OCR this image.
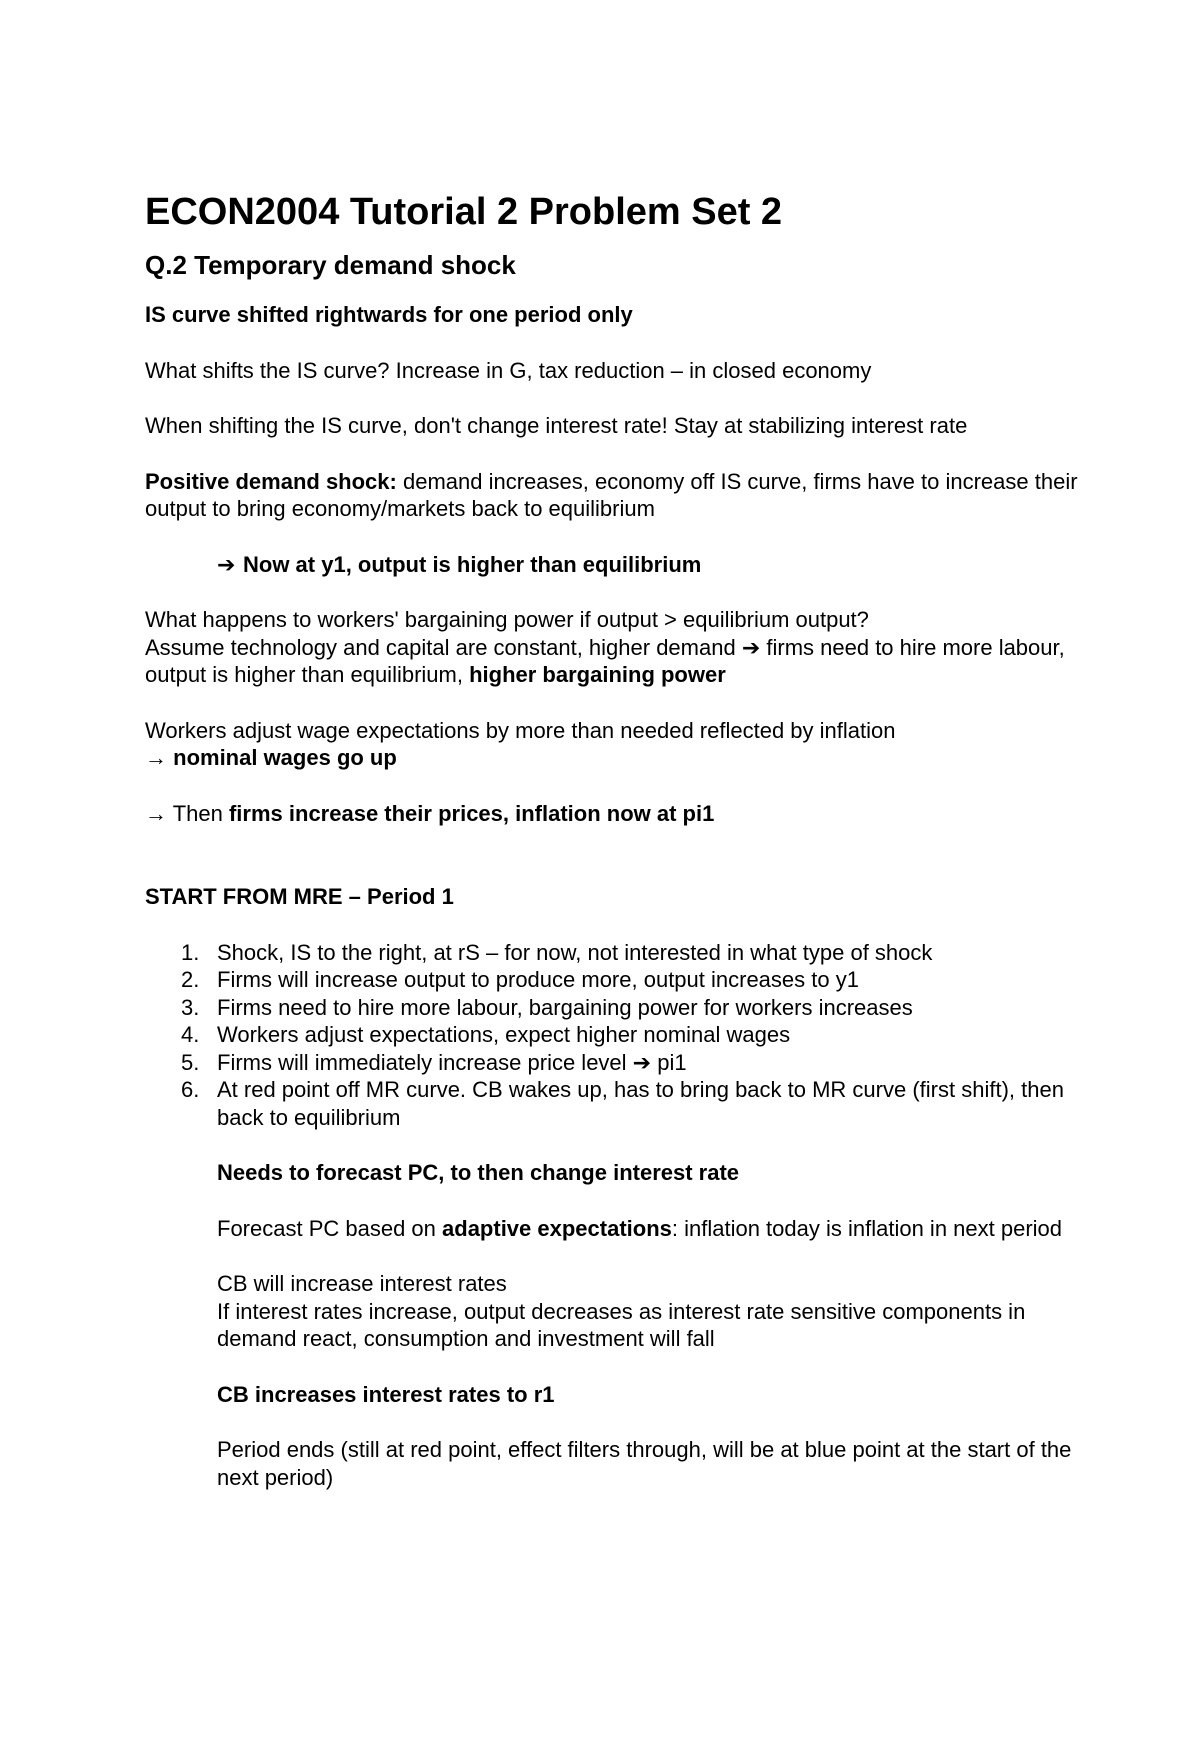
ECON2004 Tutorial 2 Problem Set 2
Q.2 Temporary demand shock

IS curve shifted rightwards for one period only

What shifts the IS curve? Increase in G, tax reduction – in closed economy

When shifting the IS curve, don't change interest rate! Stay at stabilizing interest rate

Positive demand shock: demand increases, economy off IS curve, firms have to increase their output to bring economy/markets back to equilibrium

➔ Now at y1, output is higher than equilibrium

What happens to workers' bargaining power if output > equilibrium output?
Assume technology and capital are constant, higher demand ➔ firms need to hire more labour, output is higher than equilibrium, higher bargaining power

Workers adjust wage expectations by more than needed reflected by inflation
→ nominal wages go up

→ Then firms increase their prices, inflation now at pi1

START FROM MRE – Period 1

1. Shock, IS to the right, at rS – for now, not interested in what type of shock
2. Firms will increase output to produce more, output increases to y1
3. Firms need to hire more labour, bargaining power for workers increases
4. Workers adjust expectations, expect higher nominal wages
5. Firms will immediately increase price level ➔ pi1
6. At red point off MR curve. CB wakes up, has to bring back to MR curve (first shift), then back to equilibrium

Needs to forecast PC, to then change interest rate

Forecast PC based on adaptive expectations: inflation today is inflation in next period

CB will increase interest rates
If interest rates increase, output decreases as interest rate sensitive components in demand react, consumption and investment will fall

CB increases interest rates to r1

Period ends (still at red point, effect filters through, will be at blue point at the start of the next period)
